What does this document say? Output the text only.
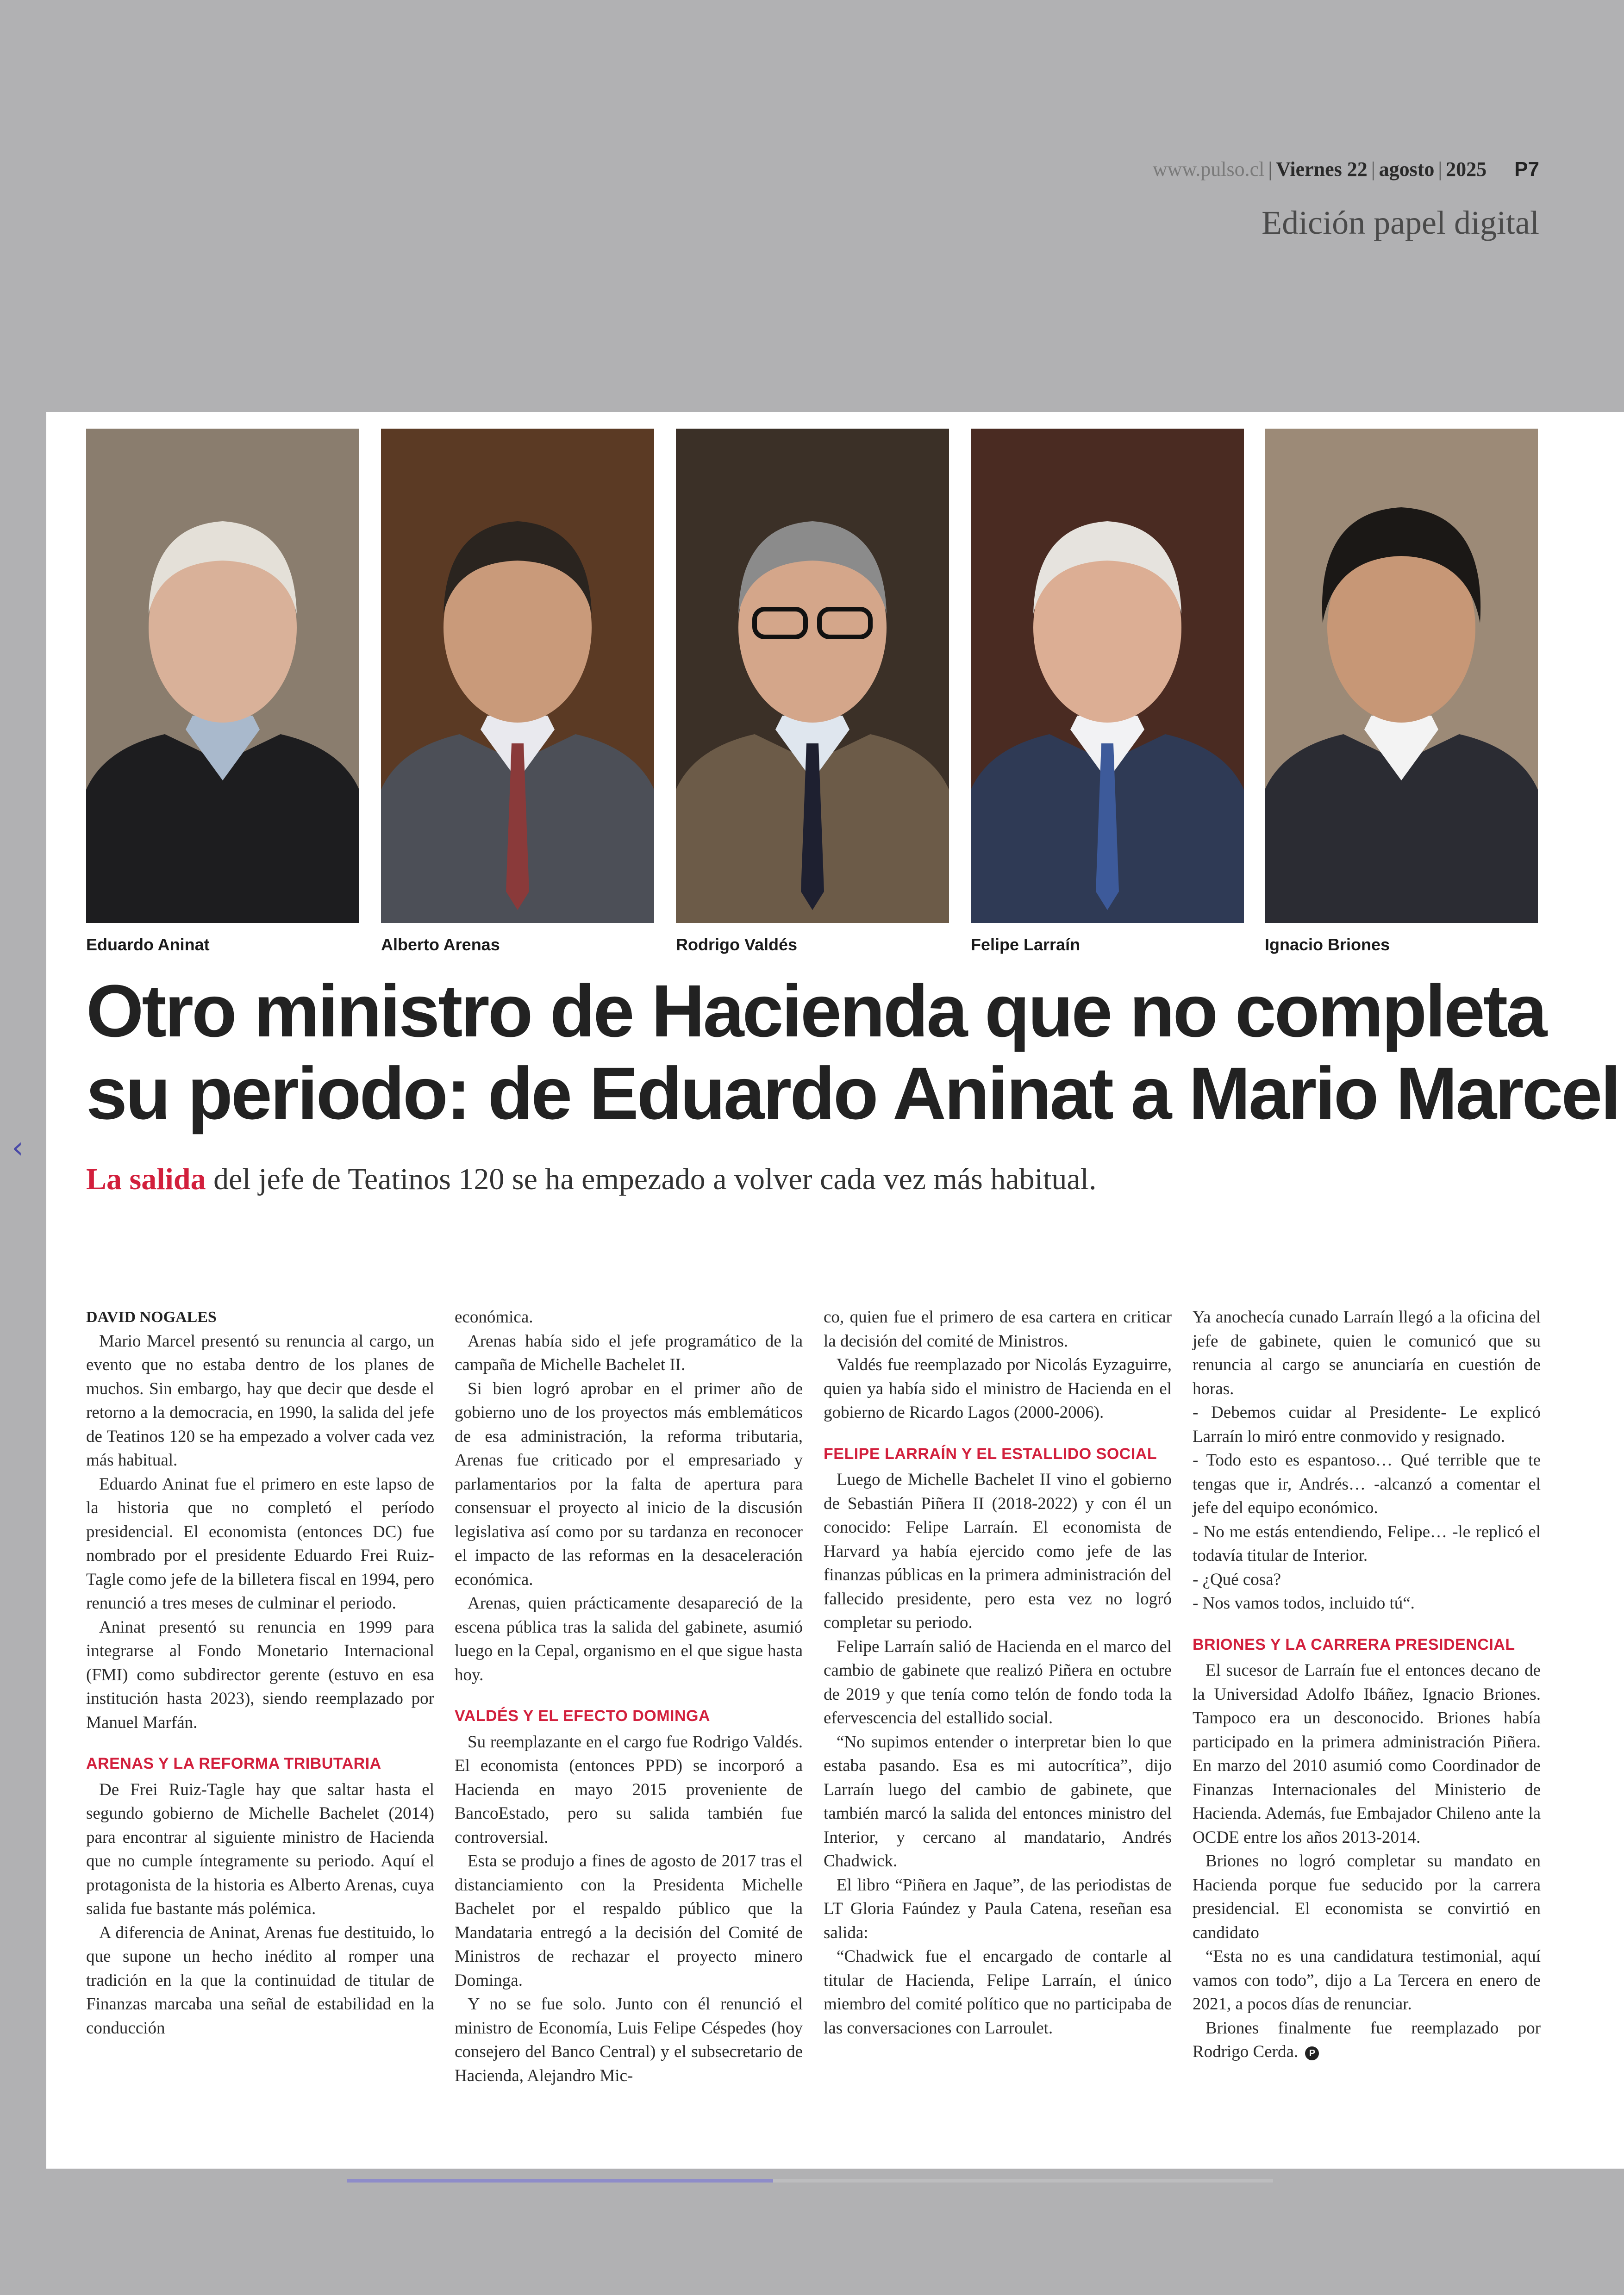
www.pulso.cl | Viernes 22 | agosto | 2025 P7
Edición papel digital
‹
Eduardo Aninat	Alberto Arenas	Rodrigo Valdés	Felipe Larraín	Ignacio Briones
Otro ministro de Hacienda que no completa
su periodo: de Eduardo Aninat a Mario Marcel
La salida del jefe de Teatinos 120 se ha empezado a volver cada vez más habitual.

DAVID NOGALES

Mario Marcel presentó su renuncia al cargo, un evento que no estaba dentro de los planes de muchos. Sin embargo, hay que decir que desde el retorno a la democracia, en 1990, la salida del jefe de Teatinos 120 se ha empezado a volver cada vez más habitual.

Eduardo Aninat fue el primero en este lapso de la historia que no completó el período presidencial. El economista (entonces DC) fue nombrado por el presidente Eduardo Frei Ruiz-Tagle como jefe de la billetera fiscal en 1994, pero renunció a tres meses de culminar el periodo.

Aninat presentó su renuncia en 1999 para integrarse al Fondo Monetario Internacional (FMI) como subdirector gerente (estuvo en esa institución hasta 2023), siendo reemplazado por Manuel Marfán.

ARENAS Y LA REFORMA TRIBUTARIA

De Frei Ruiz-Tagle hay que saltar hasta el segundo gobierno de Michelle Bachelet (2014) para encontrar al siguiente ministro de Hacienda que no cumple íntegramente su periodo. Aquí el protagonista de la historia es Alberto Arenas, cuya salida fue bastante más polémica.

A diferencia de Aninat, Arenas fue destituido, lo que supone un hecho inédito al romper una tradición en la que la continuidad de titular de Finanzas marcaba una señal de estabilidad en la conducción

económica.

Arenas había sido el jefe programático de la campaña de Michelle Bachelet II.

Si bien logró aprobar en el primer año de gobierno uno de los proyectos más emblemáticos de esa administración, la reforma tributaria, Arenas fue criticado por el empresariado y parlamentarios por la falta de apertura para consensuar el proyecto al inicio de la discusión legislativa así como por su tardanza en reconocer el impacto de las reformas en la desaceleración económica.

Arenas, quien prácticamente desapareció de la escena pública tras la salida del gabinete, asumió luego en la Cepal, organismo en el que sigue hasta hoy.

VALDÉS Y EL EFECTO DOMINGA

Su reemplazante en el cargo fue Rodrigo Valdés. El economista (entonces PPD) se incorporó a Hacienda en mayo 2015 proveniente de BancoEstado, pero su salida también fue controversial.

Esta se produjo a fines de agosto de 2017 tras el distanciamiento con la Presidenta Michelle Bachelet por el respaldo público que la Mandataria entregó a la decisión del Comité de Ministros de rechazar el proyecto minero Dominga.

Y no se fue solo. Junto con él renunció el ministro de Economía, Luis Felipe Céspedes (hoy consejero del Banco Central) y el subsecretario de Hacienda, Alejandro Mic-

co, quien fue el primero de esa cartera en criticar la decisión del comité de Ministros.

Valdés fue reemplazado por Nicolás Eyzaguirre, quien ya había sido el ministro de Hacienda en el gobierno de Ricardo Lagos (2000-2006).

FELIPE LARRAÍN Y EL ESTALLIDO SOCIAL

Luego de Michelle Bachelet II vino el gobierno de Sebastián Piñera II (2018-2022) y con él un conocido: Felipe Larraín. El economista de Harvard ya había ejercido como jefe de las finanzas públicas en la primera administración del fallecido presidente, pero esta vez no logró completar su periodo.

Felipe Larraín salió de Hacienda en el marco del cambio de gabinete que realizó Piñera en octubre de 2019 y que tenía como telón de fondo toda la efervescencia del estallido social.

“No supimos entender o interpretar bien lo que estaba pasando. Esa es mi autocrítica”, dijo Larraín luego del cambio de gabinete, que también marcó la salida del entonces ministro del Interior, y cercano al mandatario, Andrés Chadwick.

El libro “Piñera en Jaque”, de las periodistas de LT Gloria Faúndez y Paula Catena, reseñan esa salida:

“Chadwick fue el encargado de contarle al titular de Hacienda, Felipe Larraín, el único miembro del comité político que no participaba de las conversaciones con Larroulet.

Ya anochecía cunado Larraín llegó a la oficina del jefe de gabinete, quien le comunicó que su renuncia al cargo se anunciaría en cuestión de horas.

- Debemos cuidar al Presidente- Le explicó Larraín lo miró entre conmovido y resignado.

- Todo esto es espantoso… Qué terrible que te tengas que ir, Andrés… -alcanzó a comentar el jefe del equipo económico.

- No me estás entendiendo, Felipe… -le replicó el todavía titular de Interior.

- ¿Qué cosa?

- Nos vamos todos, incluido tú“.

BRIONES Y LA CARRERA PRESIDENCIAL

El sucesor de Larraín fue el entonces decano de la Universidad Adolfo Ibáñez, Ignacio Briones. Tampoco era un desconocido. Briones había participado en la primera administración Piñera. En marzo del 2010 asumió como Coordinador de Finanzas Internacionales del Ministerio de Hacienda. Además, fue Embajador Chileno ante la OCDE entre los años 2013-2014.

Briones no logró completar su mandato en Hacienda porque fue seducido por la carrera presidencial. El economista se convirtió en candidato

“Esta no es una candidatura testimonial, aquí vamos con todo”, dijo a La Tercera en enero de 2021, a pocos días de renunciar.

Briones finalmente fue reemplazado por Rodrigo Cerda. P
